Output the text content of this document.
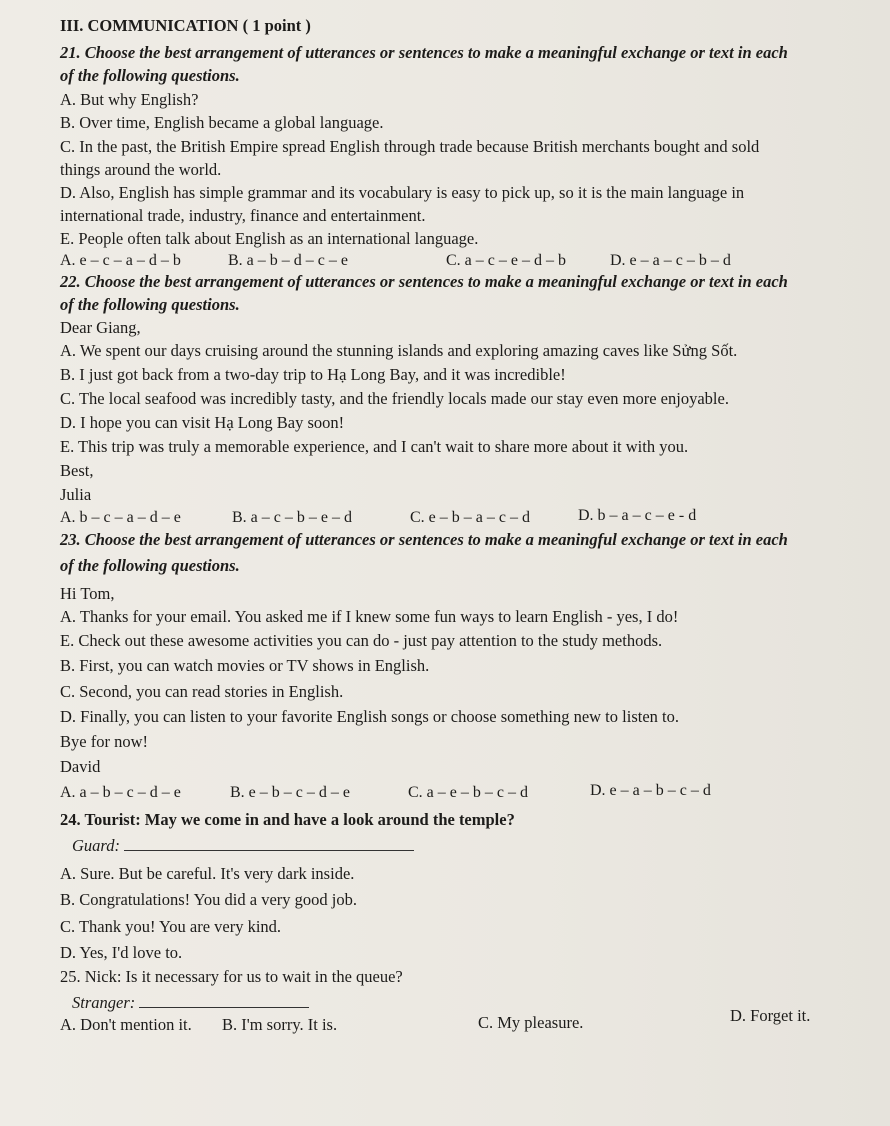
III. COMMUNICATION ( 1 point )
21. Choose the best arrangement of utterances or sentences to make a meaningful exchange or text in each
of the following questions.
A. But why English?
B. Over time, English became a global language.
C. In the past, the British Empire spread English through trade because British merchants bought and sold
things around the world.
D. Also, English has simple grammar and its vocabulary is easy to pick up, so it is the main language in
international trade, industry, finance and entertainment.
E. People often talk about English as an international language.
A. e – c – a – d – b	B. a – b – d – c – e	C. a – c – e – d – b	D. e – a – c – b – d
22. Choose the best arrangement of utterances or sentences to make a meaningful exchange or text in each
of the following questions.
Dear Giang,
A. We spent our days cruising around the stunning islands and exploring amazing caves like Sửng Sốt.
B. I just got back from a two-day trip to Hạ Long Bay, and it was incredible!
C. The local seafood was incredibly tasty, and the friendly locals made our stay even more enjoyable.
D. I hope you can visit Hạ Long Bay soon!
E. This trip was truly a memorable experience, and I can't wait to share more about it with you.
Best,
Julia
A. b – c – a – d – e	B. a – c – b – e – d	C. e – b – a – c – d	D. b – a – c – e - d
23. Choose the best arrangement of utterances or sentences to make a meaningful exchange or text in each
of the following questions.
Hi Tom,
A. Thanks for your email. You asked me if I knew some fun ways to learn English - yes, I do!
E. Check out these awesome activities you can do - just pay attention to the study methods.
B. First, you can watch movies or TV shows in English.
C. Second, you can read stories in English.
D. Finally, you can listen to your favorite English songs or choose something new to listen to.
Bye for now!
David
A. a – b – c – d – e	B. e – b – c – d – e	C. a – e – b – c – d	D. e – a – b – c – d
24. Tourist: May we come in and have a look around the temple?
Guard:
A. Sure. But be careful. It's very dark inside.
B. Congratulations! You did a very good job.
C. Thank you! You are very kind.
D. Yes, I'd love to.
25. Nick: Is it necessary for us to wait in the queue?
Stranger:
A. Don't mention it. B. I'm sorry. It is.	C. My pleasure.	D. Forget it.
